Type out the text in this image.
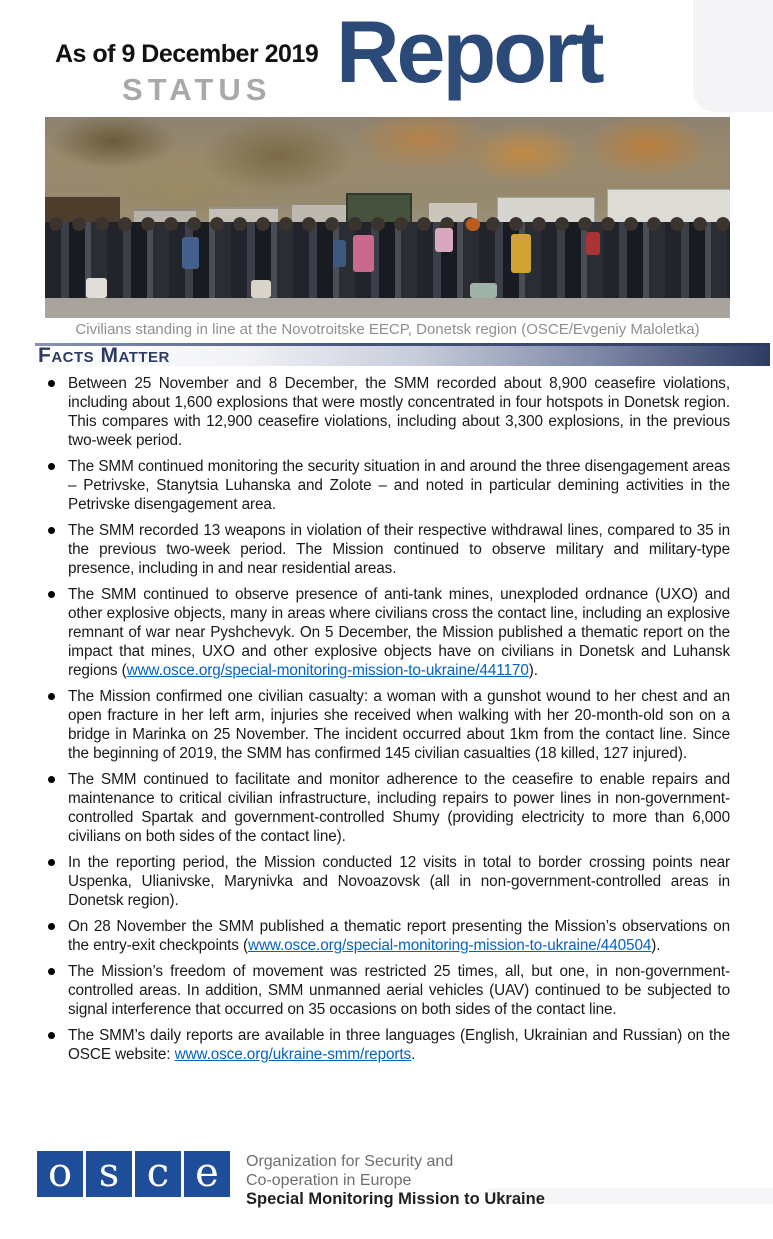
As of 9 December 2019
STATUS Report
Civilians standing in line at the Novotroitske EECP, Donetsk region (OSCE/Evgeniy Maloletka)
Facts Matter
Between 25 November and 8 December, the SMM recorded about 8,900 ceasefire violations, including about 1,600 explosions that were mostly concentrated in four hotspots in Donetsk region. This compares with 12,900 ceasefire violations, including about 3,300 explosions, in the previous two-week period.
The SMM continued monitoring the security situation in and around the three disengagement areas – Petrivske, Stanytsia Luhanska and Zolote – and noted in particular demining activities in the Petrivske disengagement area.
The SMM recorded 13 weapons in violation of their respective withdrawal lines, compared to 35 in the previous two-week period. The Mission continued to observe military and military-type presence, including in and near residential areas.
The SMM continued to observe presence of anti-tank mines, unexploded ordnance (UXO) and other explosive objects, many in areas where civilians cross the contact line, including an explosive remnant of war near Pyshchevyk. On 5 December, the Mission published a thematic report on the impact that mines, UXO and other explosive objects have on civilians in Donetsk and Luhansk regions (www.osce.org/special-monitoring-mission-to-ukraine/441170).
The Mission confirmed one civilian casualty: a woman with a gunshot wound to her chest and an open fracture in her left arm, injuries she received when walking with her 20-month-old son on a bridge in Marinka on 25 November. The incident occurred about 1km from the contact line. Since the beginning of 2019, the SMM has confirmed 145 civilian casualties (18 killed, 127 injured).
The SMM continued to facilitate and monitor adherence to the ceasefire to enable repairs and maintenance to critical civilian infrastructure, including repairs to power lines in non-government-controlled Spartak and government-controlled Shumy (providing electricity to more than 6,000 civilians on both sides of the contact line).
In the reporting period, the Mission conducted 12 visits in total to border crossing points near Uspenka, Ulianivske, Marynivka and Novoazovsk (all in non-government-controlled areas in Donetsk region).
On 28 November the SMM published a thematic report presenting the Mission’s observations on the entry-exit checkpoints (www.osce.org/special-monitoring-mission-to-ukraine/440504).
The Mission’s freedom of movement was restricted 25 times, all, but one, in non-government-controlled areas. In addition, SMM unmanned aerial vehicles (UAV) continued to be subjected to signal interference that occurred on 35 occasions on both sides of the contact line.
The SMM’s daily reports are available in three languages (English, Ukrainian and Russian) on the OSCE website: www.osce.org/ukraine-smm/reports.
o s c e	Organization for Security and
Co-operation in Europe
Special Monitoring Mission to Ukraine
